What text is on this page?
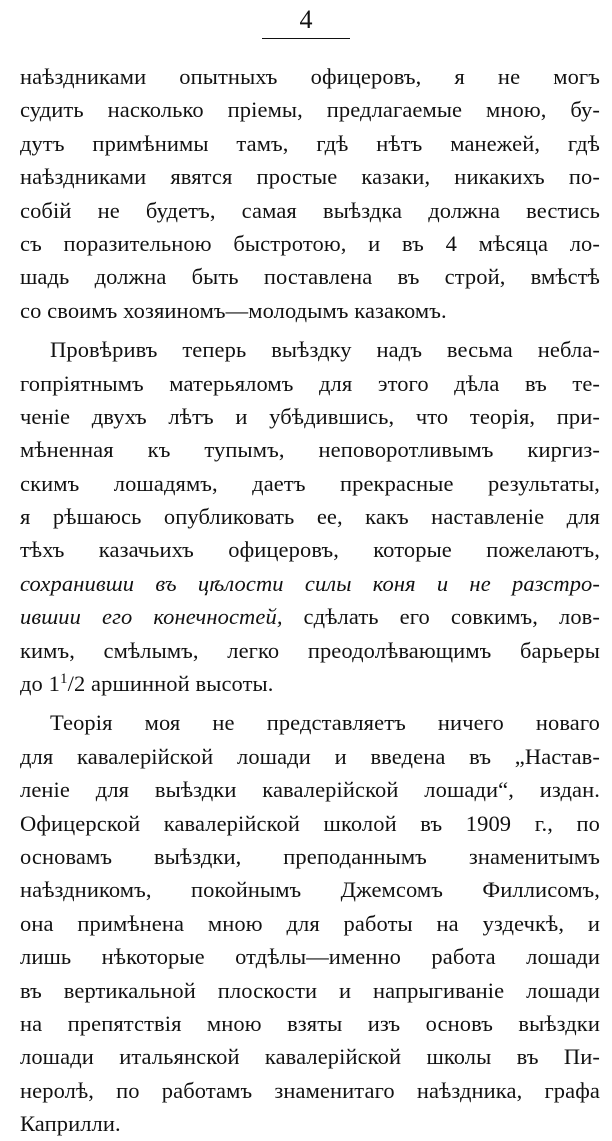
4
наѣздниками опытныхъ офицеровъ, я не могъ
судить насколько пріемы, предлагаемые мною, бу-
дутъ примѣнимы тамъ, гдѣ нѣтъ манежей, гдѣ
наѣздниками явятся простые казаки, никакихъ по-
собій не будетъ, самая выѣздка должна вестись
съ поразительною быстротою, и въ 4 мѣсяца ло-
шадь должна быть поставлена въ строй, вмѣстѣ
со своимъ хозяиномъ—молодымъ казакомъ.
Провѣривъ теперь выѣздку надъ весьма небла-
гопріятнымъ матерьяломъ для этого дѣла въ те-
ченіе двухъ лѣтъ и убѣдившись, что теорія, при-
мѣненная къ тупымъ, неповоротливымъ киргиз-
скимъ лошадямъ, даетъ прекрасные результаты,
я рѣшаюсь опубликовать ее, какъ наставленіе для
тѣхъ казачьихъ офицеровъ, которые пожелаютъ,
сохранивши въ цѣлости силы коня и не разстро-
ившии его конечностей, сдѣлать его совкимъ, лов-
кимъ, смѣлымъ, легко преодолѣвающимъ барьеры
до $1^1/2$ аршинной высоты.
Теорія моя не представляетъ ничего новаго
для кавалерійской лошади и введена въ „Настав-
леніе для выѣздки кавалерійской лошади“, издан.
Офицерской кавалерійской школой въ 1909 г., по
основамъ выѣздки, преподаннымъ знаменитымъ
наѣздникомъ, покойнымъ Джемсомъ Филлисомъ,
она примѣнена мною для работы на уздечкѣ, и
лишь нѣкоторые отдѣлы—именно работа лошади
въ вертикальной плоскости и напрыгиваніе лошади
на препятствія мною взяты изъ основъ выѣздки
лошади итальянской кавалерійской школы въ Пи-
неролѣ, по работамъ знаменитаго наѣздника, графа
Каприлли.
